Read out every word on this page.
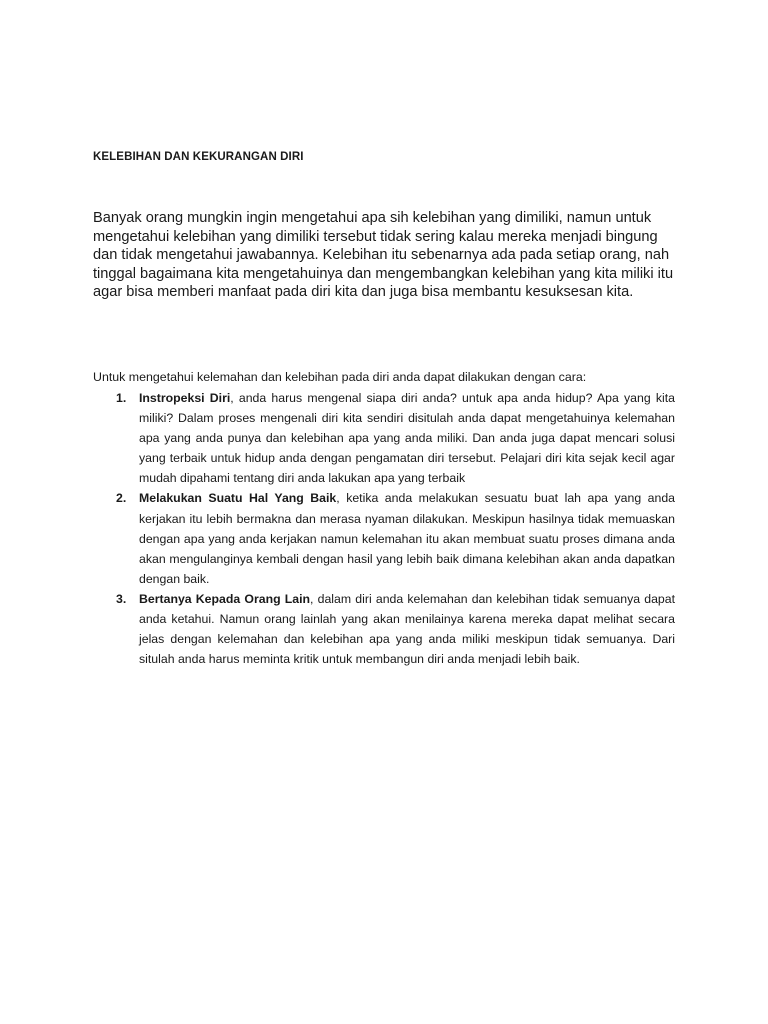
KELEBIHAN DAN KEKURANGAN DIRI

Banyak orang mungkin ingin mengetahui apa sih kelebihan yang dimiliki, namun untuk mengetahui kelebihan yang dimiliki tersebut tidak sering kalau mereka menjadi bingung dan tidak mengetahui jawabannya. Kelebihan itu sebenarnya ada pada setiap orang, nah tinggal bagaimana kita mengetahuinya dan mengembangkan kelebihan yang kita miliki itu agar bisa memberi manfaat pada diri kita dan juga bisa membantu kesuksesan kita.

Untuk mengetahui kelemahan dan kelebihan pada diri anda dapat dilakukan dengan cara:

1. Instropeksi Diri, anda harus mengenal siapa diri anda? untuk apa anda hidup? Apa yang kita miliki? Dalam proses mengenali diri kita sendiri disitulah anda dapat mengetahuinya kelemahan apa yang anda punya dan kelebihan apa yang anda miliki. Dan anda juga dapat mencari solusi yang terbaik untuk hidup anda dengan pengamatan diri tersebut. Pelajari diri kita sejak kecil agar mudah dipahami tentang diri anda lakukan apa yang terbaik
2. Melakukan Suatu Hal Yang Baik, ketika anda melakukan sesuatu buat lah apa yang anda kerjakan itu lebih bermakna dan merasa nyaman dilakukan. Meskipun hasilnya tidak memuaskan dengan apa yang anda kerjakan namun kelemahan itu akan membuat suatu proses dimana anda akan mengulanginya kembali dengan hasil yang lebih baik dimana kelebihan akan anda dapatkan dengan baik.
3. Bertanya Kepada Orang Lain, dalam diri anda kelemahan dan kelebihan tidak semuanya dapat anda ketahui. Namun orang lainlah yang akan menilainya karena mereka dapat melihat secara jelas dengan kelemahan dan kelebihan apa yang anda miliki meskipun tidak semuanya. Dari situlah anda harus meminta kritik untuk membangun diri anda menjadi lebih baik.
